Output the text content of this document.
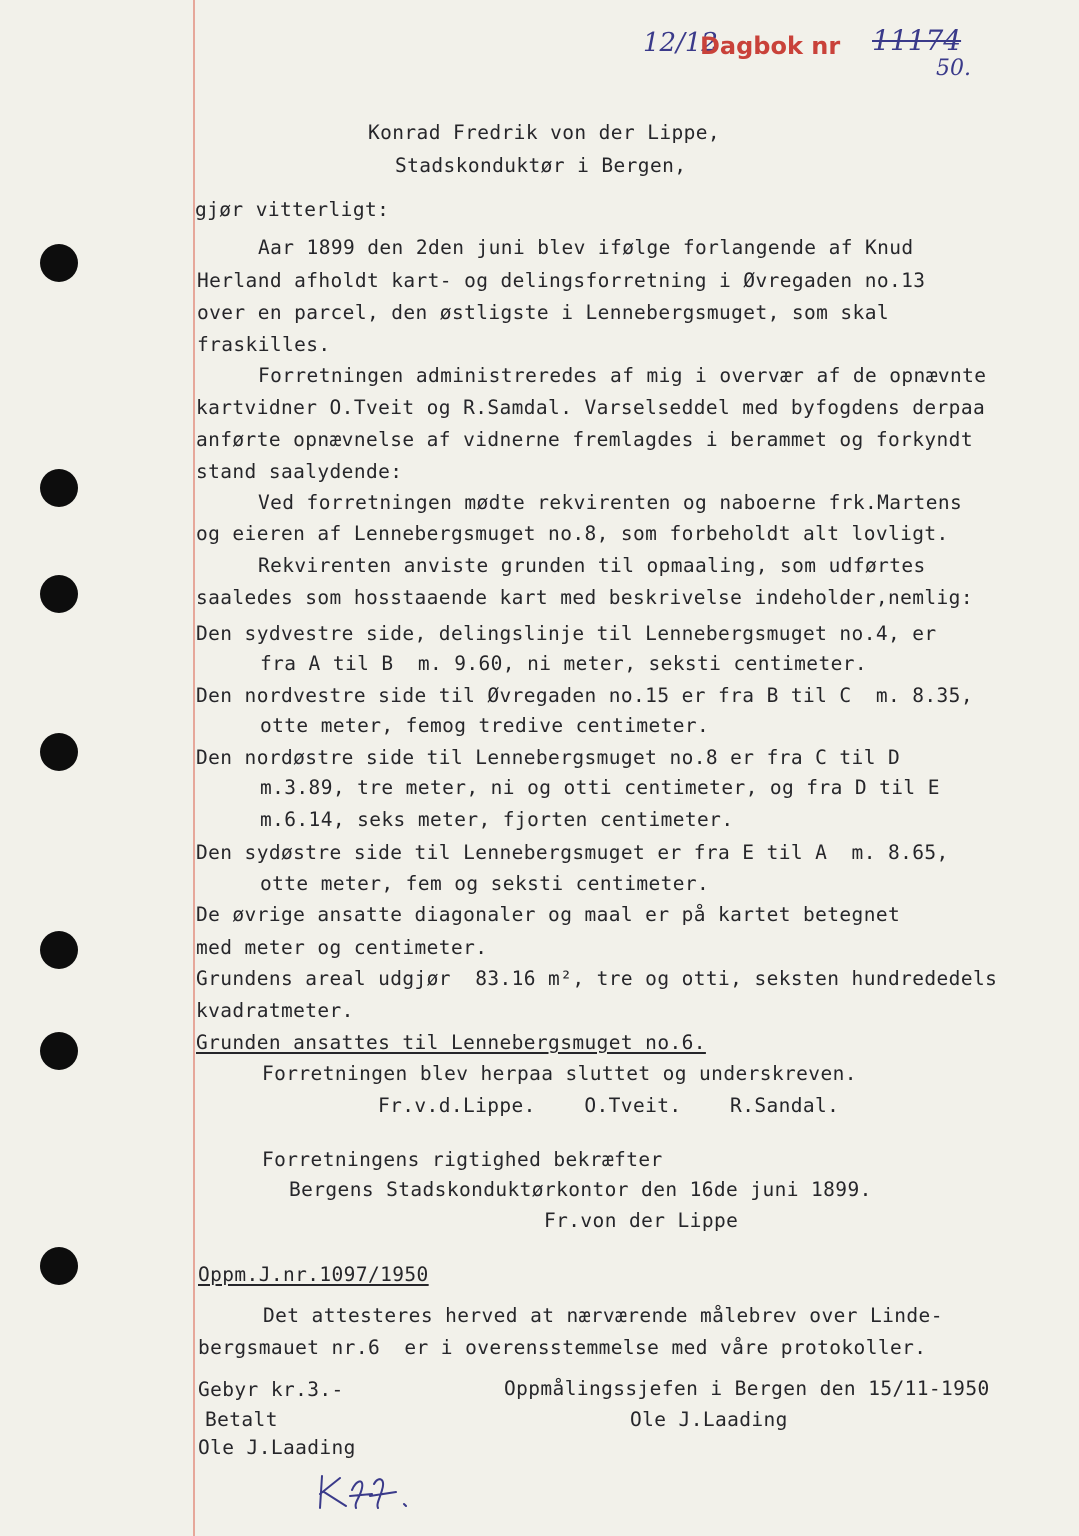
12/12
Dagbok nr 11174
50.
Konrad Fredrik von der Lippe,
Stadskonduktør i Bergen,
gjør vitterligt:
Aar 1899 den 2den juni blev ifølge forlangende af Knud
Herland afholdt kart- og delingsforretning i Øvregaden no.13
over en parcel, den østligste i Lennebergsmuget, som skal
fraskilles.
Forretningen administreredes af mig i overvær af de opnævnte
kartvidner O.Tveit og R.Samdal. Varselseddel med byfogdens derpaa
anførte opnævnelse af vidnerne fremlagdes i berammet og forkyndt
stand saalydende:
Ved forretningen mødte rekvirenten og naboerne frk.Martens
og eieren af Lennebergsmuget no.8, som forbeholdt alt lovligt.
Rekvirenten anviste grunden til opmaaling, som udførtes
saaledes som hosstaaende kart med beskrivelse indeholder,nemlig:
Den sydvestre side, delingslinje til Lennebergsmuget no.4, er
fra A til B  m. 9.60, ni meter, seksti centimeter.
Den nordvestre side til Øvregaden no.15 er fra B til C  m. 8.35,
otte meter, femog tredive centimeter.
Den nordøstre side til Lennebergsmuget no.8 er fra C til D
m.3.89, tre meter, ni og otti centimeter, og fra D til E
m.6.14, seks meter, fjorten centimeter.
Den sydøstre side til Lennebergsmuget er fra E til A  m. 8.65,
otte meter, fem og seksti centimeter.
De øvrige ansatte diagonaler og maal er på kartet betegnet
med meter og centimeter.
Grundens areal udgjør  83.16 m², tre og otti, seksten hundrededels
kvadratmeter.
Grunden ansattes til Lennebergsmuget no.6.
Forretningen blev herpaa sluttet og underskreven.
Fr.v.d.Lippe.    O.Tveit.    R.Sandal.
Forretningens rigtighed bekræfter
Bergens Stadskonduktørkontor den 16de juni 1899.
Fr.von der Lippe
Oppm.J.nr.1097/1950
Det attesteres herved at nærværende målebrev over Linde-
bergsmauet nr.6  er i overensstemmelse med våre protokoller.
Gebyr kr.3.-	Oppmålingssjefen i Bergen den 15/11-1950
Betalt	Ole J.Laading
Ole J.Laading
